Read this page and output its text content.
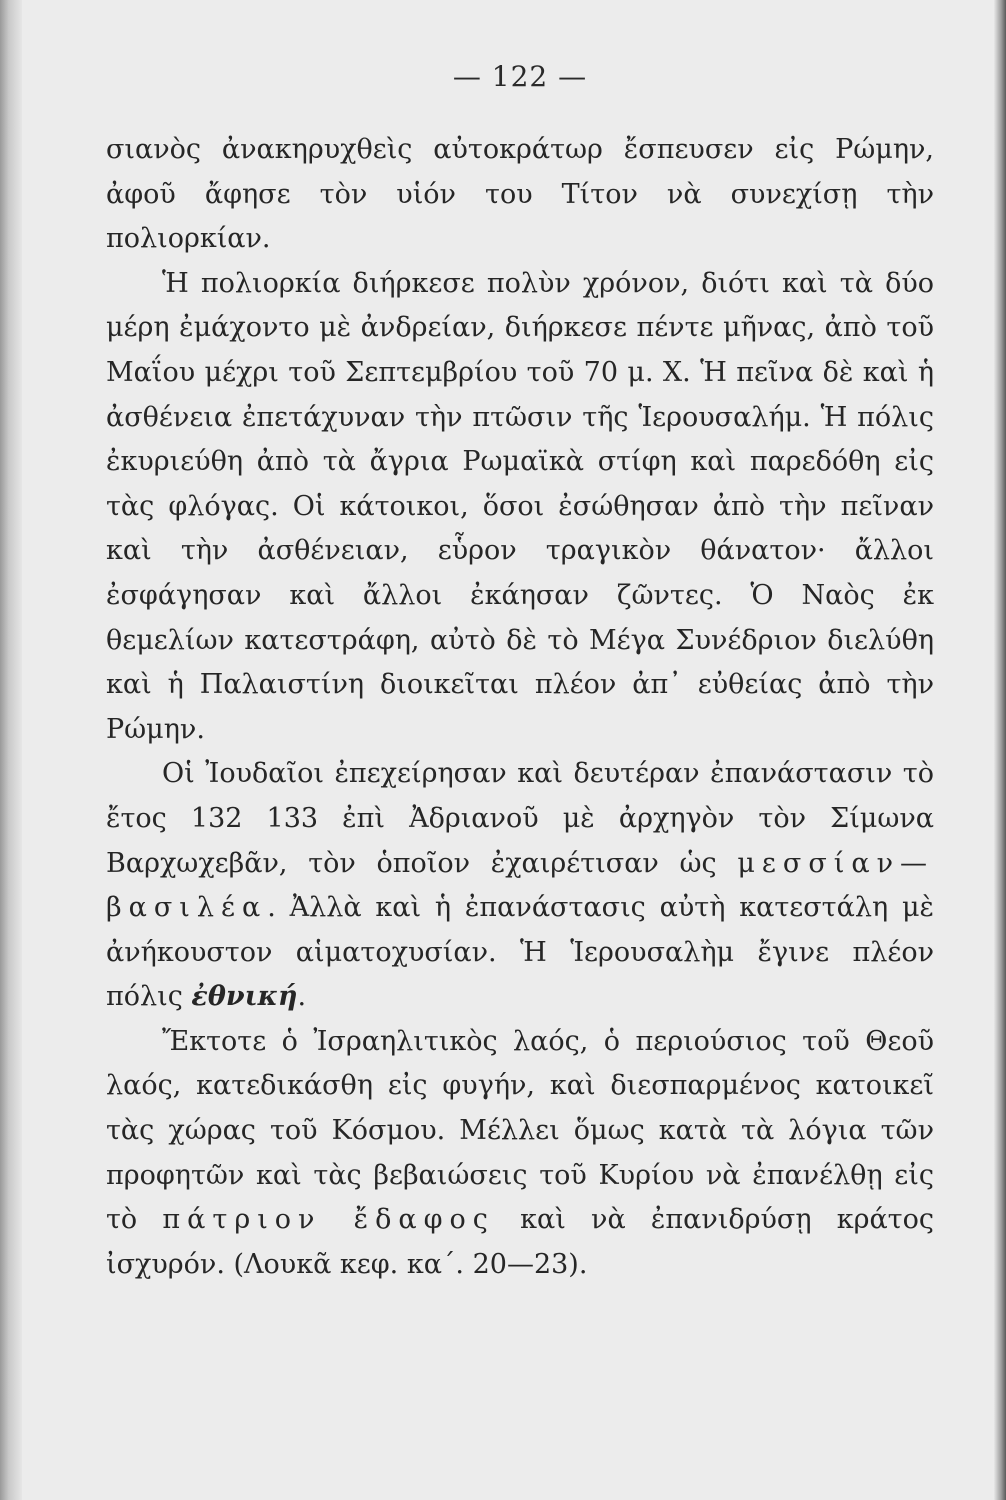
— 122 —

σιανὸς ἀνακηρυχθεὶς αὐτοκράτωρ ἔσπευσεν εἰς Ρώμην, ἀφοῦ ἄφησε τὸν υἱόν του Τίτον νὰ συνεχίσῃ τὴν πολιορκίαν.

Ἡ πολιορκία διήρκεσε πολὺν χρόνον, διότι καὶ τὰ δύο μέρη ἐμάχοντο μὲ ἀνδρείαν, διήρκεσε πέντε μῆνας, ἀπὸ τοῦ Μαΐου μέχρι τοῦ Σεπτεμβρίου τοῦ 70 μ. Χ. Ἡ πεῖνα δὲ καὶ ἡ ἀσθένεια ἐπετάχυναν τὴν πτῶσιν τῆς Ἱερουσαλήμ. Ἡ πόλις ἐκυριεύθη ἀπὸ τὰ ἄγρια Ρωμαϊκὰ στίφη καὶ παρεδόθη εἰς τὰς φλόγας. Οἱ κάτοικοι, ὅσοι ἐσώθησαν ἀπὸ τὴν πεῖναν καὶ τὴν ἀσθένειαν, εὗρον τραγικὸν θάνατον· ἄλλοι ἐσφάγησαν καὶ ἄλλοι ἐκάησαν ζῶντες. Ὁ Ναὸς ἐκ θεμελίων κατεστράφη, αὐτὸ δὲ τὸ Μέγα Συνέδριον διελύθη καὶ ἡ Παλαιστίνη διοικεῖται πλέον ἀπ᾽ εὐθείας ἀπὸ τὴν Ρώμην.

Οἱ Ἰουδαῖοι ἐπεχείρησαν καὶ δευτέραν ἐπανάστασιν τὸ ἔτος 132 133 ἐπὶ Ἀδριανοῦ μὲ ἀρχηγὸν τὸν Σίμωνα Βαρχωχεβᾶν, τὸν ὁποῖον ἐχαιρέτισαν ὡς μεσσίαν—βασιλέα. Ἀλλὰ καὶ ἡ ἐπανάστασις αὐτὴ κατεστάλη μὲ ἀνήκουστον αἱματοχυσίαν. Ἡ Ἱερουσαλὴμ ἔγινε πλέον πόλις ἐθνική.

Ἔκτοτε ὁ Ἰσραηλιτικὸς λαός, ὁ περιούσιος τοῦ Θεοῦ λαός, κατεδικάσθη εἰς φυγήν, καὶ διεσπαρμένος κατοικεῖ τὰς χώρας τοῦ Κόσμου. Μέλλει ὅμως κατὰ τὰ λόγια τῶν προφητῶν καὶ τὰς βεβαιώσεις τοῦ Κυρίου νὰ ἐπανέλθῃ εἰς τὸ πάτριον ἔδαφος καὶ νὰ ἐπανιδρύσῃ κράτος ἰσχυρόν. (Λουκᾶ κεφ. κα΄. 20—23).
